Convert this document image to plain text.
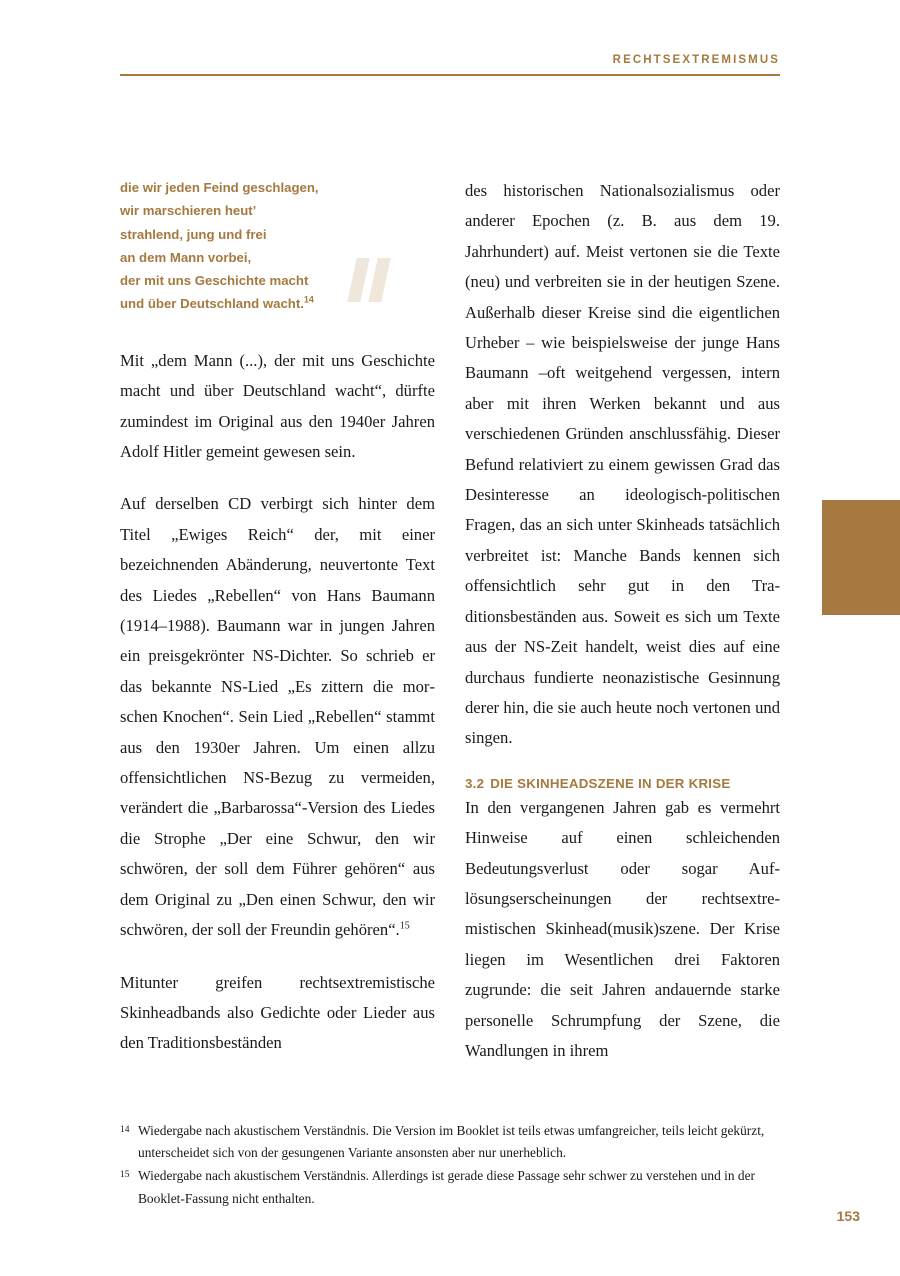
RECHTSEXTREMISMUS
die wir jeden Feind geschlagen,
wir marschieren heut’
strahlend, jung und frei
an dem Mann vorbei,
der mit uns Geschichte macht
und über Deutschland wacht.$^{14}$

Mit „dem Mann (...), der mit uns Geschichte macht und über Deutschland wacht“, dürfte zumindest im Original aus den 1940er Jahren Adolf Hitler gemeint gewesen sein.

Auf derselben CD verbirgt sich hinter dem Titel „Ewiges Reich“ der, mit einer bezeichnenden Abänderung, neuvertonte Text des Liedes „Rebellen“ von Hans Baumann (1914–1988). Baumann war in jungen Jahren ein preisgekrönter NS-Dichter. So schrieb er das bekannte NS-Lied „Es zittern die morschen Knochen“. Sein Lied „Rebellen“ stammt aus den 1930er Jahren. Um einen allzu offensichtlichen NS-Bezug zu vermeiden, verändert die „Barbarossa“-Version des Liedes die Strophe „Der eine Schwur, den wir schwören, der soll dem Führer gehören“ aus dem Original zu „Den einen Schwur, den wir schwören, der soll der Freundin gehören“.$^{15}$

Mitunter greifen rechtsextremistische Skinheadbands also Gedichte oder Lieder aus den Traditionsbeständen

des historischen Nationalsozialismus oder anderer Epochen (z. B. aus dem 19. Jahrhundert) auf. Meist vertonen sie die Texte (neu) und verbreiten sie in der heutigen Szene. Außerhalb dieser Kreise sind die eigentlichen Urheber – wie beispielsweise der junge Hans Baumann –oft weitgehend vergessen, intern aber mit ihren Werken bekannt und aus verschiedenen Gründen anschlussfähig. Dieser Befund relativiert zu einem gewissen Grad das Desinteresse an ideologisch-politischen Fragen, das an sich unter Skinheads tatsächlich verbreitet ist: Manche Bands kennen sich offensichtlich sehr gut in den Traditionsbeständen aus. Soweit es sich um Texte aus der NS-Zeit handelt, weist dies auf eine durchaus fundierte neonazistische Gesinnung derer hin, die sie auch heute noch vertonen und singen.

3.2 DIE SKINHEADSZENE IN DER KRISE

In den vergangenen Jahren gab es vermehrt Hinweise auf einen schleichenden Bedeutungsverlust oder sogar Auflösungserscheinungen der rechtsextremistischen Skinhead(musik)szene. Der Krise liegen im Wesentlichen drei Faktoren zugrunde: die seit Jahren andauernde starke personelle Schrumpfung der Szene, die Wandlungen in ihrem

14 Wiedergabe nach akustischem Verständnis. Die Version im Booklet ist teils etwas umfangreicher, teils leicht gekürzt, unterscheidet sich von der gesungenen Variante ansonsten aber nur unerheblich.
15 Wiedergabe nach akustischem Verständnis. Allerdings ist gerade diese Passage sehr schwer zu verstehen und in der Booklet-Fassung nicht enthalten.
153
